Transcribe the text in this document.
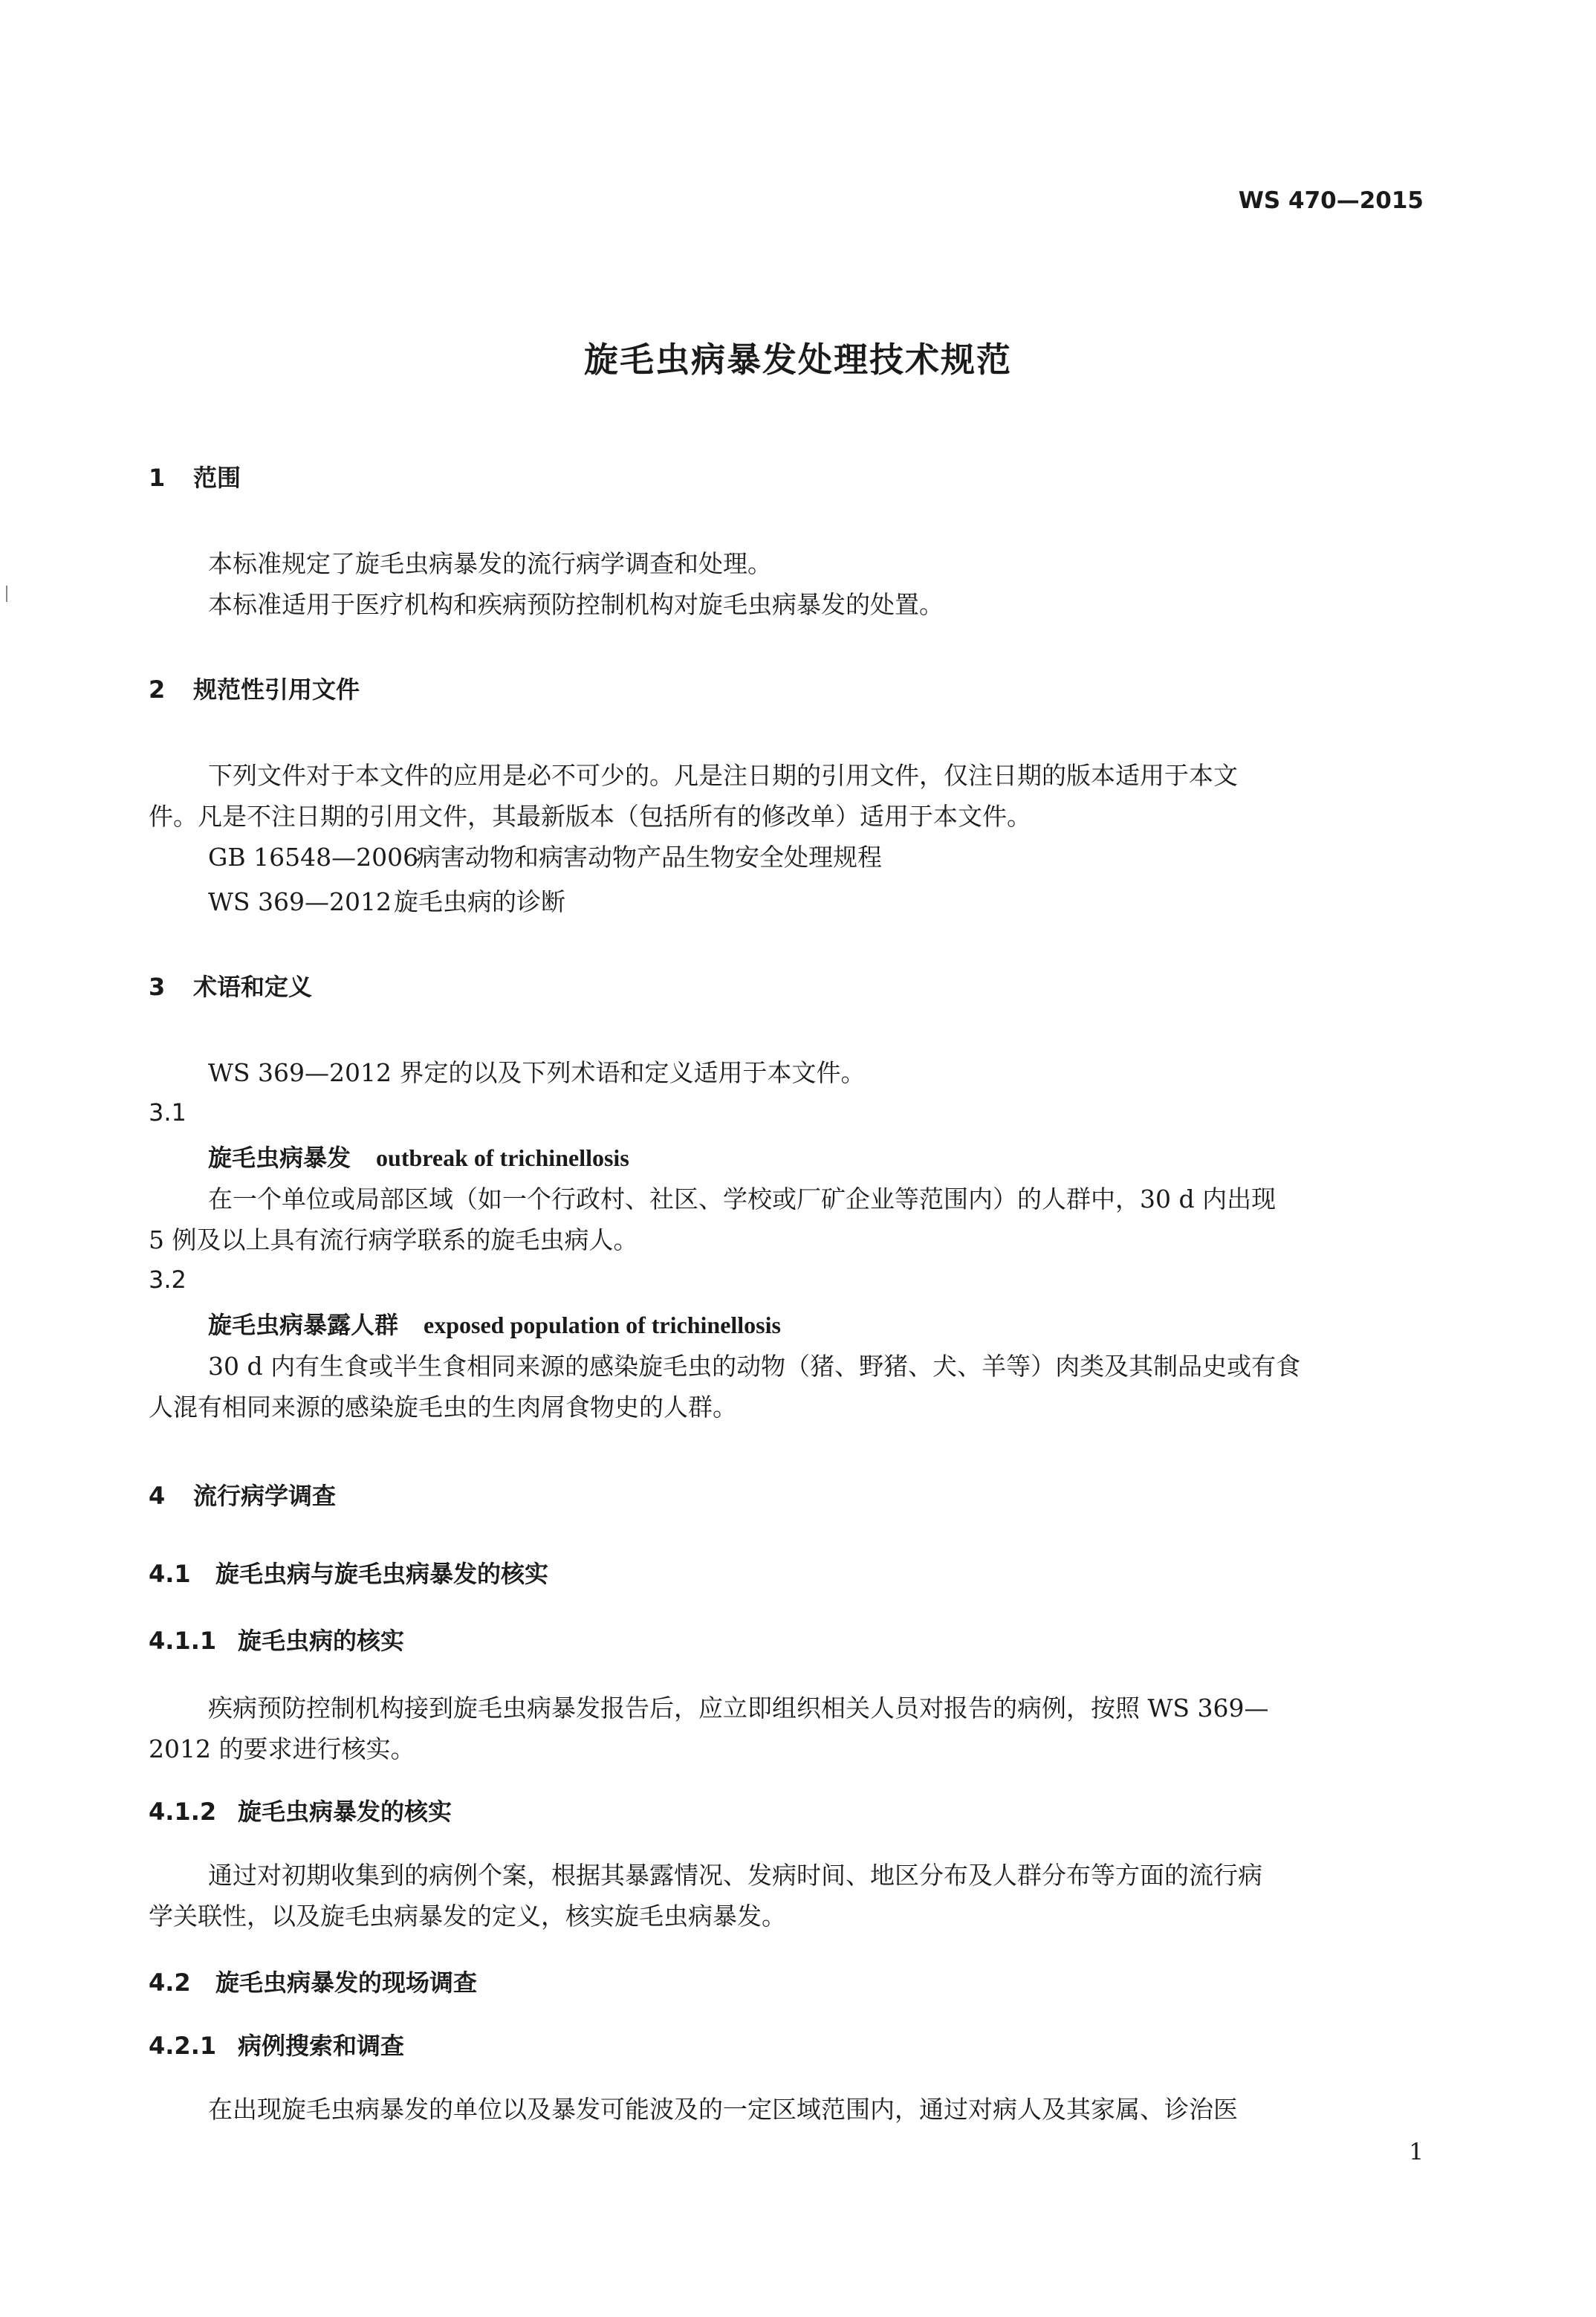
WS 470—2015
旋毛虫病暴发处理技术规范
1 范围
本标准规定了旋毛虫病暴发的流行病学调查和处理。
本标准适用于医疗机构和疾病预防控制机构对旋毛虫病暴发的处置。
2 规范性引用文件
下列文件对于本文件的应用是必不可少的。凡是注日期的引用文件，仅注日期的版本适用于本文
件。凡是不注日期的引用文件，其最新版本（包括所有的修改单）适用于本文件。
GB 16548—2006病害动物和病害动物产品生物安全处理规程
WS 369—2012旋毛虫病的诊断
3 术语和定义
WS 369—2012 界定的以及下列术语和定义适用于本文件。
3.1
旋毛虫病暴发 outbreak of trichinellosis
在一个单位或局部区域（如一个行政村、社区、学校或厂矿企业等范围内）的人群中，30 d 内出现
5 例及以上具有流行病学联系的旋毛虫病人。
3.2
旋毛虫病暴露人群 exposed population of trichinellosis
30 d 内有生食或半生食相同来源的感染旋毛虫的动物（猪、野猪、犬、羊等）肉类及其制品史或有食
人混有相同来源的感染旋毛虫的生肉屑食物史的人群。
4 流行病学调查
4.1 旋毛虫病与旋毛虫病暴发的核实
4.1.1 旋毛虫病的核实
疾病预防控制机构接到旋毛虫病暴发报告后，应立即组织相关人员对报告的病例，按照 WS 369—
2012 的要求进行核实。
4.1.2 旋毛虫病暴发的核实
通过对初期收集到的病例个案，根据其暴露情况、发病时间、地区分布及人群分布等方面的流行病
学关联性，以及旋毛虫病暴发的定义，核实旋毛虫病暴发。
4.2 旋毛虫病暴发的现场调查
4.2.1 病例搜索和调查
在出现旋毛虫病暴发的单位以及暴发可能波及的一定区域范围内，通过对病人及其家属、诊治医
1
